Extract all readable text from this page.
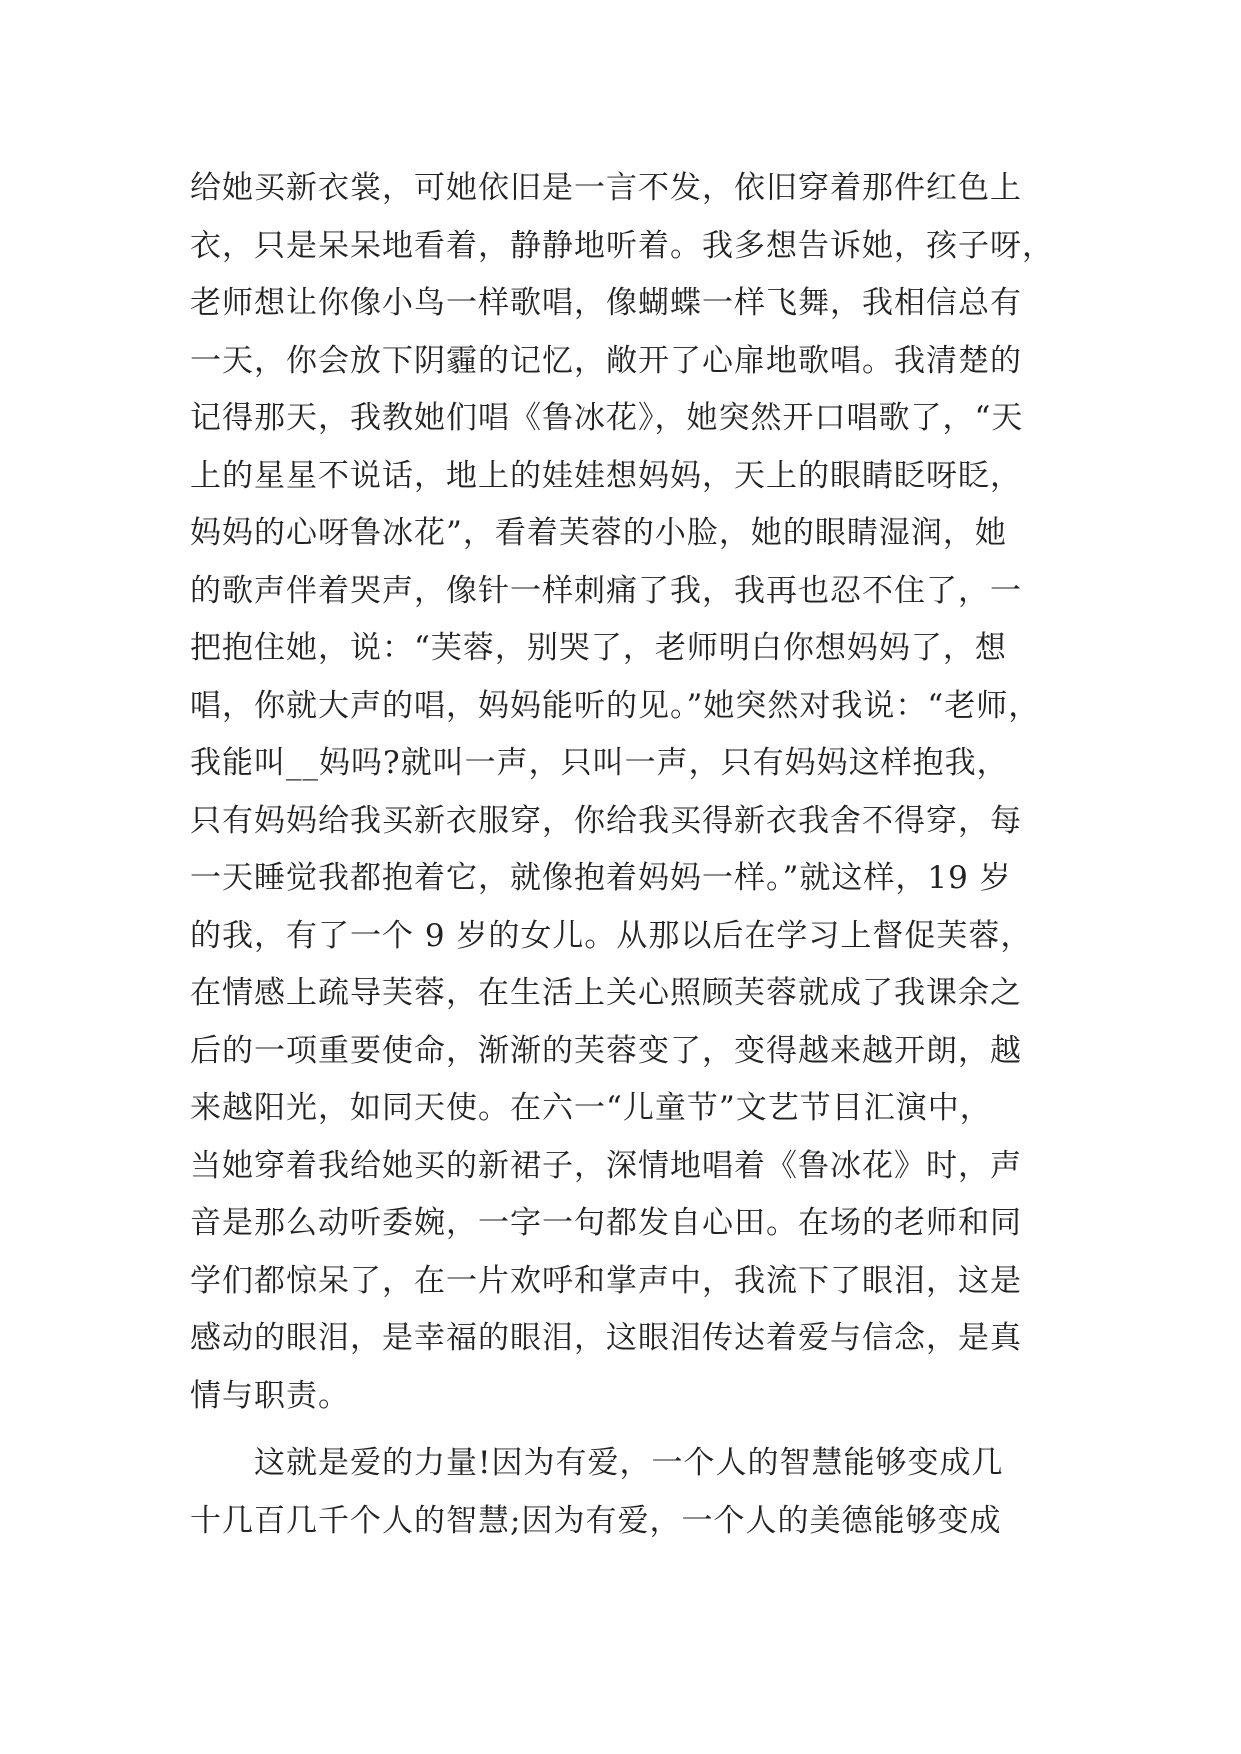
给她买新衣裳，可她依旧是一言不发，依旧穿着那件红色上
衣，只是呆呆地看着，静静地听着。我多想告诉她，孩子呀，
老师想让你像小鸟一样歌唱，像蝴蝶一样飞舞，我相信总有
一天，你会放下阴霾的记忆，敞开了心扉地歌唱。我清楚的
记得那天，我教她们唱《鲁冰花》，她突然开口唱歌了，“天
上的星星不说话，地上的娃娃想妈妈，天上的眼睛眨呀眨，
妈妈的心呀鲁冰花”，看着芙蓉的小脸，她的眼睛湿润，她
的歌声伴着哭声，像针一样刺痛了我，我再也忍不住了，一
把抱住她，说：“芙蓉，别哭了，老师明白你想妈妈了，想
唱，你就大声的唱，妈妈能听的见。”她突然对我说：“老师，
我能叫__妈吗?就叫一声，只叫一声，只有妈妈这样抱我，
只有妈妈给我买新衣服穿，你给我买得新衣我舍不得穿，每
一天睡觉我都抱着它，就像抱着妈妈一样。”就这样，19 岁
的我，有了一个 9 岁的女儿。从那以后在学习上督促芙蓉，
在情感上疏导芙蓉，在生活上关心照顾芙蓉就成了我课余之
后的一项重要使命，渐渐的芙蓉变了，变得越来越开朗，越
来越阳光，如同天使。在六一“儿童节”文艺节目汇演中，
当她穿着我给她买的新裙子，深情地唱着《鲁冰花》时，声
音是那么动听委婉，一字一句都发自心田。在场的老师和同
学们都惊呆了，在一片欢呼和掌声中，我流下了眼泪，这是
感动的眼泪，是幸福的眼泪，这眼泪传达着爱与信念，是真
情与职责。
　　这就是爱的力量!因为有爱，一个人的智慧能够变成几
十几百几千个人的智慧;因为有爱，一个人的美德能够变成
